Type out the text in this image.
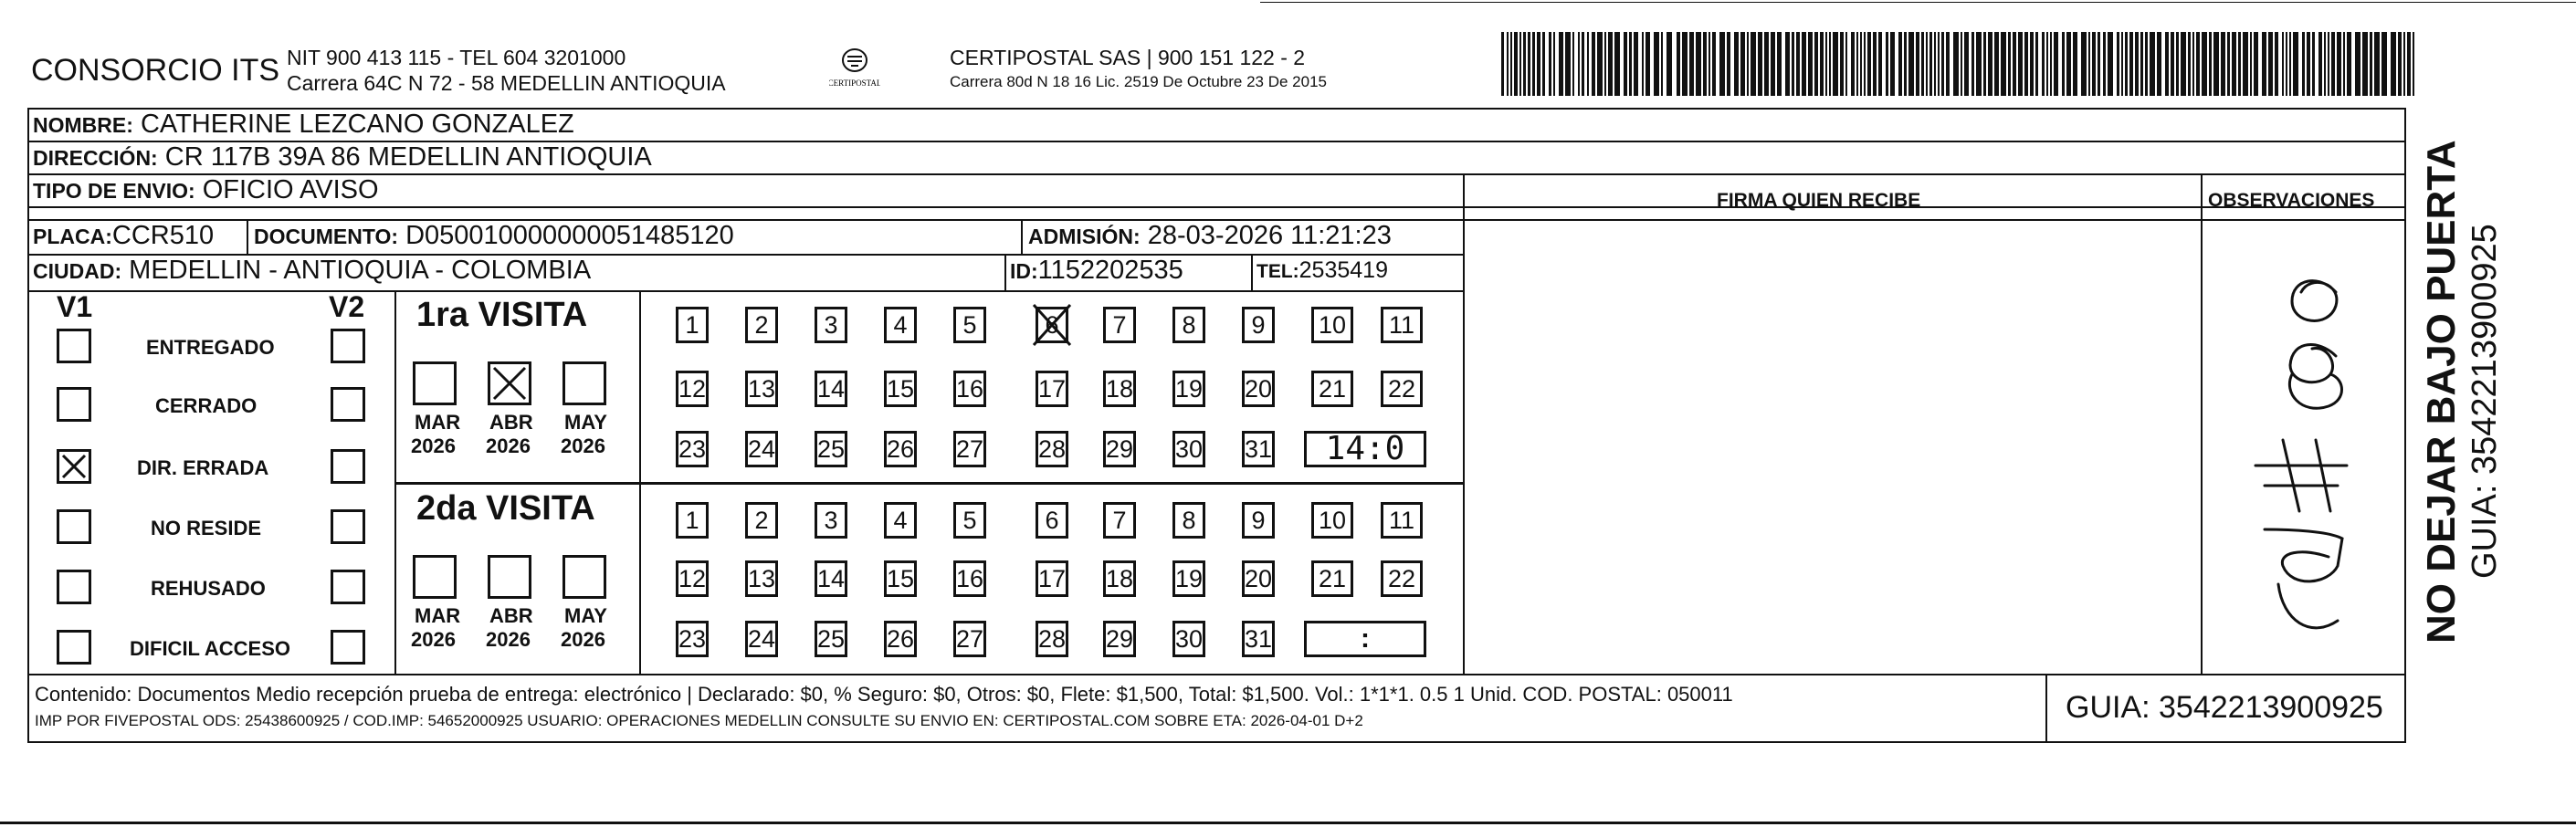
CONSORCIO ITS NIT 900 413 115 - TEL 604 3201000
Carrera 64C N 72 - 58 MEDELLIN ANTIOQUIA	CERTIPOSTAL
CERTIPOSTAL SAS | 900 151 122 - 2
Carrera 80d N 18 16 Lic. 2519 De Octubre 23 De 2015
NOMBRE: CATHERINE LEZCANO GONZALEZ
DIRECCIÓN: CR 117B 39A 86 MEDELLIN ANTIOQUIA
TIPO DE ENVIO: OFICIO AVISO	FIRMA QUIEN RECIBE	OBSERVACIONES
PLACA:CCR510 DOCUMENTO: D050010000000051485120	ADMISIÓN: 28-03-2026 11:21:23
CIUDAD: MEDELLIN - ANTIOQUIA - COLOMBIA	ID:1152202535	TEL:2535419
V1	V2
ENTREGADO
CERRADO
DIR. ERRADA
NO RESIDE
REHUSADO
DIFICIL ACCESO
1ra VISITA
MAR
2026
ABR
2026
MAY
2026
1	2	3	4	5	6	7	8	9	10	11
12 13 14 15 16 17 18 19 20 21 22
23 24 25 26 27 28 29 30 31	14:0
2da VISITA
MAR
2026
ABR
2026
MAY
2026
1	2	3	4	5	6	7	8	9	10	11
12 13 14 15 16 17 18 19 20 21 22
23 24 25 26 27 28 29 30 31	:
Contenido: Documentos Medio recepción prueba de entrega: electrónico | Declarado: $0, % Seguro: $0, Otros: $0, Flete: $1,500, Total: $1,500. Vol.: 1*1*1. 0.5 1 Unid. COD. POSTAL: 050011
IMP POR FIVEPOSTAL ODS: 25438600925 / COD.IMP: 54652000925 USUARIO: OPERACIONES MEDELLIN CONSULTE SU ENVIO EN: CERTIPOSTAL.COM SOBRE ETA: 2026-04-01 D+2	GUIA: 3542213900925
NO DEJAR BAJO PUERTA GUIA: 3542213900925
